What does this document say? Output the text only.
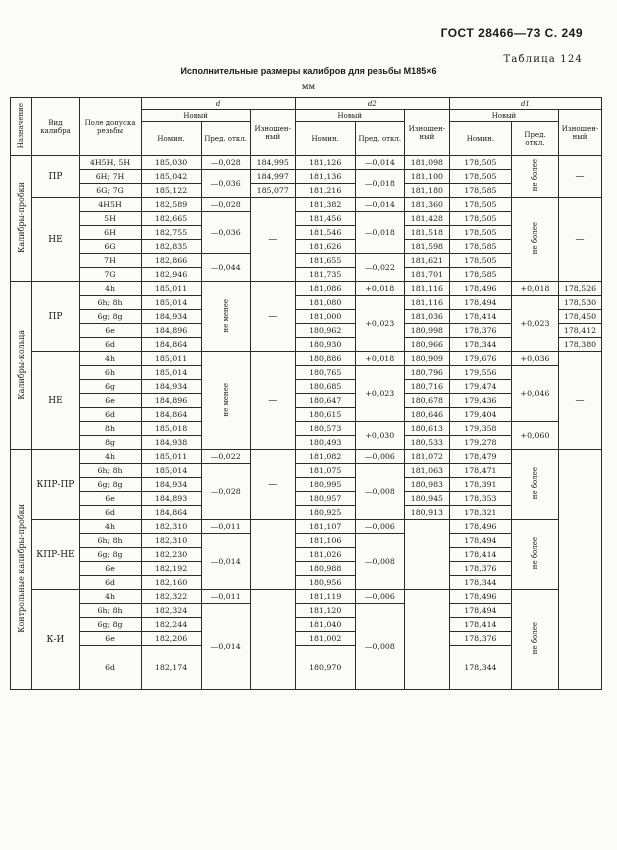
ГОСТ 28466—73 С. 249
Таблица 124
Исполнительные размеры калибров для резьбы М185×6
мм
Назначение	Вид калибра	Поле допуска резьбы	d			d2			d1		
			Новый		Изношен-ный	Новый		Изношен-ный	Новый		Изношен-ный
			Номин.	Пред. откл.		Номин.	Пред. откл.		Номин.	Пред. откл.	
Калибры-пробки	ПР	4H5H, 5H	185,030	—0,028	184,995	181,126	—0,014	181,098	178,505	не более	—
		6H; 7H	185,042	—0,036	184,997	181,136	—0,018	181,100	178,505		
		6G; 7G	185,122		185,077	181,216		181,180	178,585		
	НЕ	4H5H	182,589	—0,028	—	181,382	—0,014	181,360	178,505	не более	—
		5H	182,665	—0,036		181,456	—0,018	181,428	178,505		
		6H	182,755			181,546		181,518	178,505		
		6G	182,835			181,626		181,598	178,585		
		7H	182,866	—0,044		181,655	—0,022	181,621	178,505		
		7G	182,946			181,735		181,701	178,585		
Калибры-кольца	ПР	4h	185,011	не менее	—	181,086	+0,018	181,116	178,496	+0,018	178,526
		6h; 8h	185,014			181,080	+0,023	181,116	178,494	+0,023	178,530
		6g; 8g	184,934			181,000		181,036	178,414		178,450
		6e	184,896			180,962		180,998	178,376		178,412
		6d	184,864			180,930		180,966	178,344		178,380
	НЕ	4h	185,011	не менее	—	180,886	+0,018	180,909	179,676	+0,036	—
		6h	185,014			180,765	+0,023	180,796	179,556	+0,046	
		6g	184,934			180,685		180,716	179,474		
		6e	184,896			180,647		180,678	179,436		
		6d	184,864			180,615		180,646	179,404		
		8h	185,018			180,573	+0,030	180,613	179,358	+0,060	
		8g	184,938			180,493		180,533	179,278		
Контрольные калибры-пробки	КПР-ПР	4h	185,011	—0,022	—	181,082	—0,006	181,072	178,479	не более	
		6h; 8h	185,014	—0,028		181,075	—0,008	181,063	178,471		
		6g; 8g	184,934			180,995		180,983	178,391		
		6e	184,893			180,957		180,945	178,353		
		6d	184,864			180,925		180,913	178,321		
	КПР-НЕ	4h	182,310	—0,011		181,107	—0,006		178,496	не более	
		6h; 8h	182,310	—0,014		181,106	—0,008		178,494		
		6g; 8g	182,230			181,026			178,414		
		6e	182,192			180,988			178,376		
		6d	182,160			180,956			178,344		
	К-И	4h	182,322	—0,011		181,119	—0,006		178,496	не более	
		6h; 8h	182,324	—0,014		181,120	—0,008		178,494		
		6g; 8g	182,244			181,040			178,414		
		6e	182,206			181,002			178,376		
		6d	182,174			180,970			178,344		
